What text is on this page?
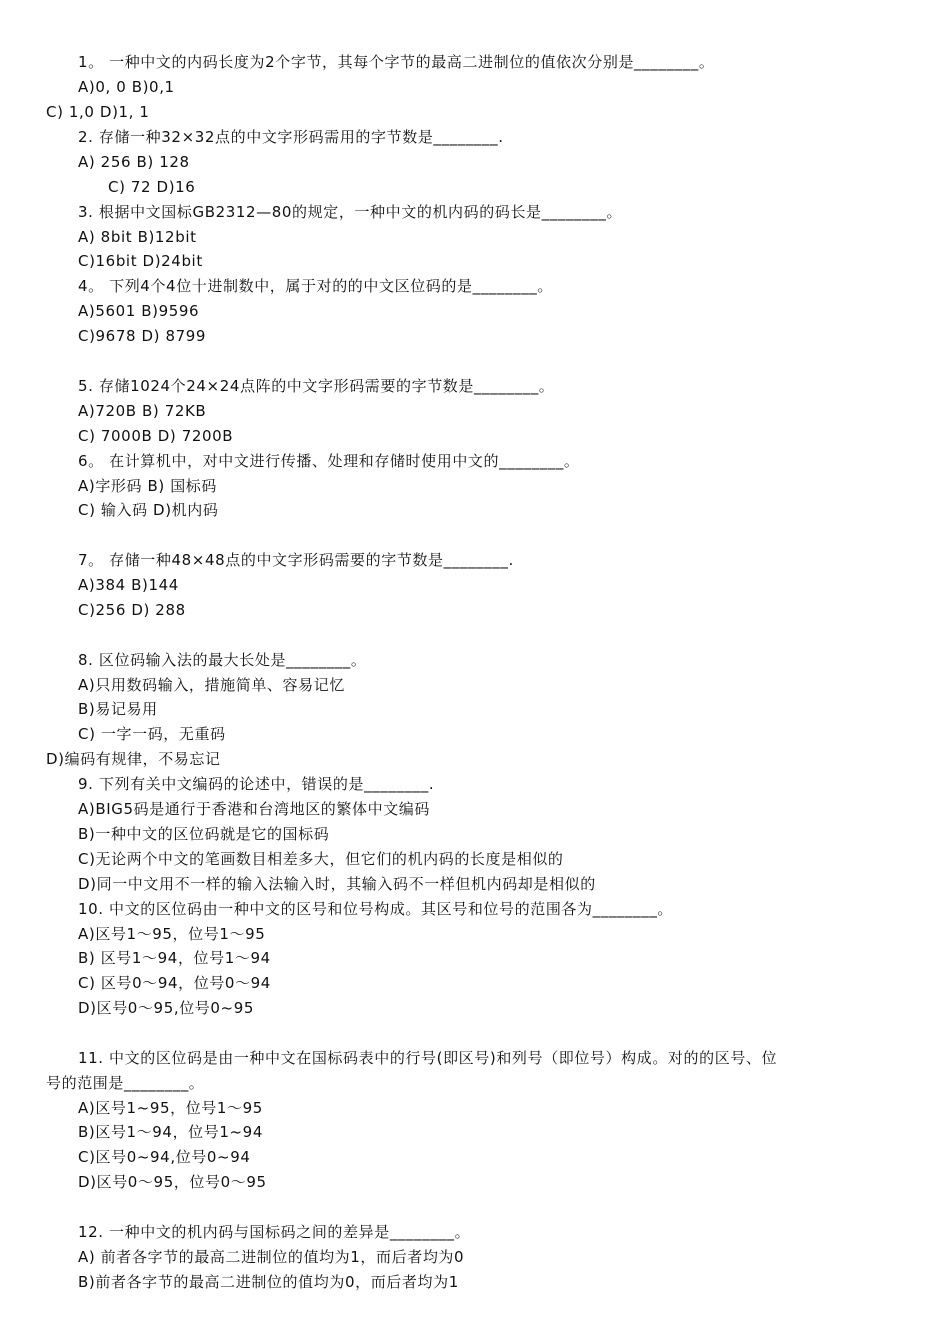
1。 一种中文的内码长度为2个字节，其每个字节的最高二进制位的值依次分别是________。
A)0, 0 B)0,1
C) 1,0 D)1, 1
2. 存储一种32×32点的中文字形码需用的字节数是________.
A) 256 B) 128
C) 72 D)16
3. 根据中文国标GB2312—80的规定，一种中文的机内码的码长是________。
A) 8bit B)12bit
C)16bit D)24bit
4。 下列4个4位十进制数中，属于对的的中文区位码的是________。
A)5601 B)9596
C)9678 D) 8799
5. 存储1024个24×24点阵的中文字形码需要的字节数是________。
A)720B B) 72KB
C) 7000B D) 7200B
6。 在计算机中，对中文进行传播、处理和存储时使用中文的________。
A)字形码 B) 国标码
C) 输入码 D)机内码
7。 存储一种48×48点的中文字形码需要的字节数是________.
A)384 B)144
C)256 D) 288
8. 区位码输入法的最大长处是________。
A)只用数码输入，措施简单、容易记忆
B)易记易用
C) 一字一码，无重码
D)编码有规律，不易忘记
9. 下列有关中文编码的论述中，错误的是________.
A)BIG5码是通行于香港和台湾地区的繁体中文编码
B)一种中文的区位码就是它的国标码
C)无论两个中文的笔画数目相差多大，但它们的机内码的长度是相似的
D)同一中文用不一样的输入法输入时，其输入码不一样但机内码却是相似的
10. 中文的区位码由一种中文的区号和位号构成。其区号和位号的范围各为________。
A)区号1～95，位号1～95
B) 区号1～94，位号1～94
C) 区号0～94，位号0～94
D)区号0～95,位号0~95
11. 中文的区位码是由一种中文在国标码表中的行号(即区号)和列号（即位号）构成。对的的区号、位
号的范围是________。
A)区号1~95，位号1～95
B)区号1～94，位号1~94
C)区号0~94,位号0~94
D)区号0～95，位号0～95
12. 一种中文的机内码与国标码之间的差异是________。
A) 前者各字节的最高二进制位的值均为1，而后者均为0
B)前者各字节的最高二进制位的值均为0，而后者均为1
